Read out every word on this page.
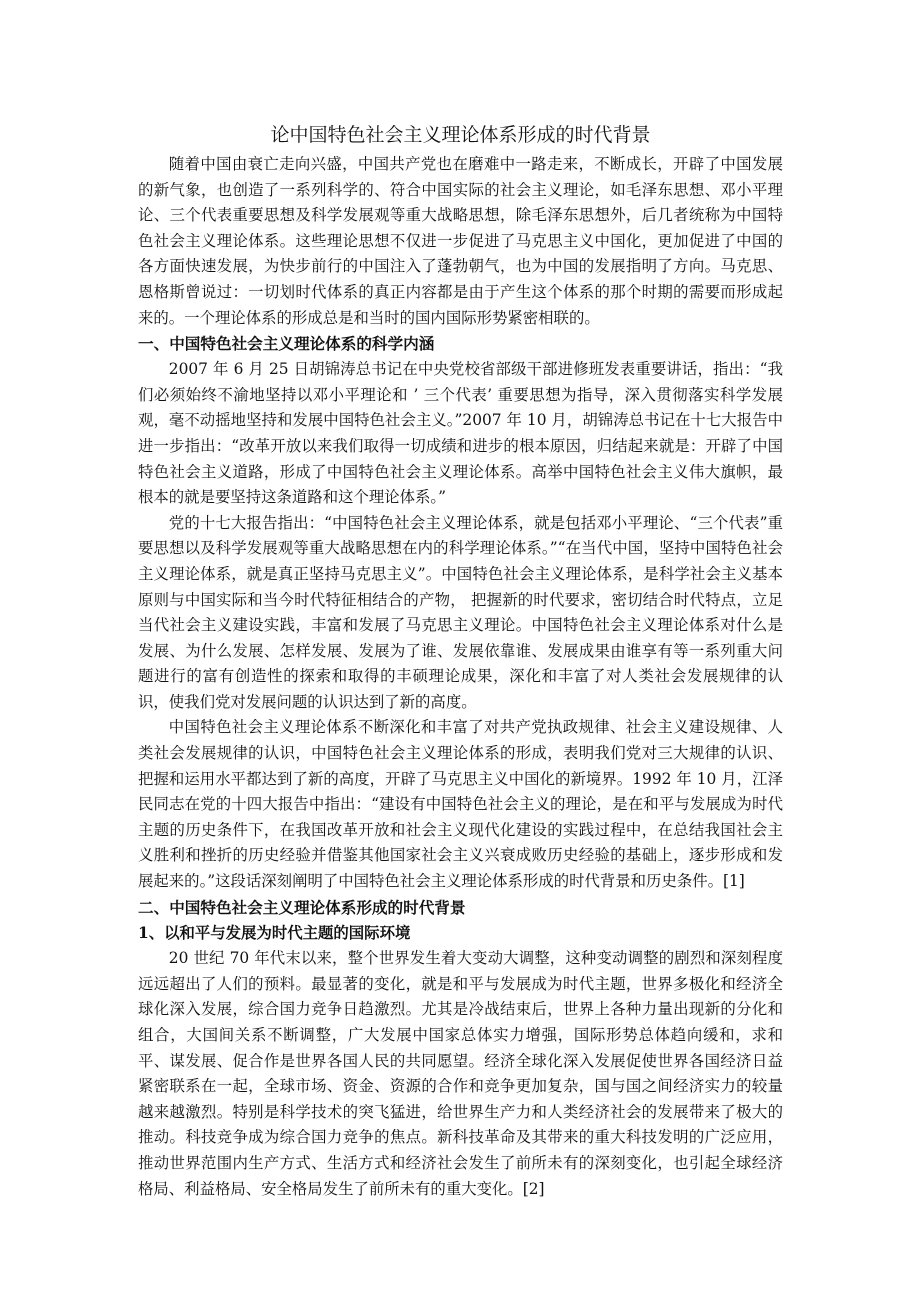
论中国特色社会主义理论体系形成的时代背景

随着中国由衰亡走向兴盛，中国共产党也在磨难中一路走来，不断成长，开辟了中国发展的新气象，也创造了一系列科学的、符合中国实际的社会主义理论，如毛泽东思想、邓小平理论、三个代表重要思想及科学发展观等重大战略思想，除毛泽东思想外，后几者统称为中国特色社会主义理论体系。这些理论思想不仅进一步促进了马克思主义中国化，更加促进了中国的各方面快速发展，为快步前行的中国注入了蓬勃朝气，也为中国的发展指明了方向。马克思、恩格斯曾说过：一切划时代体系的真正内容都是由于产生这个体系的那个时期的需要而形成起来的。一个理论体系的形成总是和当时的国内国际形势紧密相联的。

一、中国特色社会主义理论体系的科学内涵

2007 年 6 月 25 日胡锦涛总书记在中央党校省部级干部进修班发表重要讲话，指出：“我们必须始终不渝地坚持以邓小平理论和 ’ 三个代表’ 重要思想为指导，深入贯彻落实科学发展观，毫不动摇地坚持和发展中国特色社会主义。”2007 年 10 月，胡锦涛总书记在十七大报告中进一步指出：“改革开放以来我们取得一切成绩和进步的根本原因，归结起来就是：开辟了中国特色社会主义道路，形成了中国特色社会主义理论体系。高举中国特色社会主义伟大旗帜，最根本的就是要坚持这条道路和这个理论体系。”

党的十七大报告指出：“中国特色社会主义理论体系，就是包括邓小平理论、“三个代表”重要思想以及科学发展观等重大战略思想在内的科学理论体系。”“在当代中国，坚持中国特色社会主义理论体系，就是真正坚持马克思主义”。中国特色社会主义理论体系，是科学社会主义基本原则与中国实际和当今时代特征相结合的产物， 把握新的时代要求，密切结合时代特点，立足当代社会主义建设实践，丰富和发展了马克思主义理论。中国特色社会主义理论体系对什么是发展、为什么发展、怎样发展、发展为了谁、发展依靠谁、发展成果由谁享有等一系列重大问题进行的富有创造性的探索和取得的丰硕理论成果，深化和丰富了对人类社会发展规律的认识，使我们党对发展问题的认识达到了新的高度。

中国特色社会主义理论体系不断深化和丰富了对共产党执政规律、社会主义建设规律、人类社会发展规律的认识，中国特色社会主义理论体系的形成，表明我们党对三大规律的认识、把握和运用水平都达到了新的高度，开辟了马克思主义中国化的新境界。1992 年 10 月，江泽民同志在党的十四大报告中指出：“建设有中国特色社会主义的理论，是在和平与发展成为时代主题的历史条件下，在我国改革开放和社会主义现代化建设的实践过程中，在总结我国社会主义胜利和挫折的历史经验并借鉴其他国家社会主义兴衰成败历史经验的基础上，逐步形成和发展起来的。”这段话深刻阐明了中国特色社会主义理论体系形成的时代背景和历史条件。[1]

二、中国特色社会主义理论体系形成的时代背景
1、以和平与发展为时代主题的国际环境

20 世纪 70 年代末以来，整个世界发生着大变动大调整，这种变动调整的剧烈和深刻程度远远超出了人们的预料。最显著的变化，就是和平与发展成为时代主题，世界多极化和经济全球化深入发展，综合国力竞争日趋激烈。尤其是冷战结束后，世界上各种力量出现新的分化和组合，大国间关系不断调整，广大发展中国家总体实力增强，国际形势总体趋向缓和，求和平、谋发展、促合作是世界各国人民的共同愿望。经济全球化深入发展促使世界各国经济日益紧密联系在一起，全球市场、资金、资源的合作和竞争更加复杂，国与国之间经济实力的较量越来越激烈。特别是科学技术的突飞猛进，给世界生产力和人类经济社会的发展带来了极大的推动。科技竞争成为综合国力竞争的焦点。新科技革命及其带来的重大科技发明的广泛应用，推动世界范围内生产方式、生活方式和经济社会发生了前所未有的深刻变化，也引起全球经济格局、利益格局、安全格局发生了前所未有的重大变化。[2]
